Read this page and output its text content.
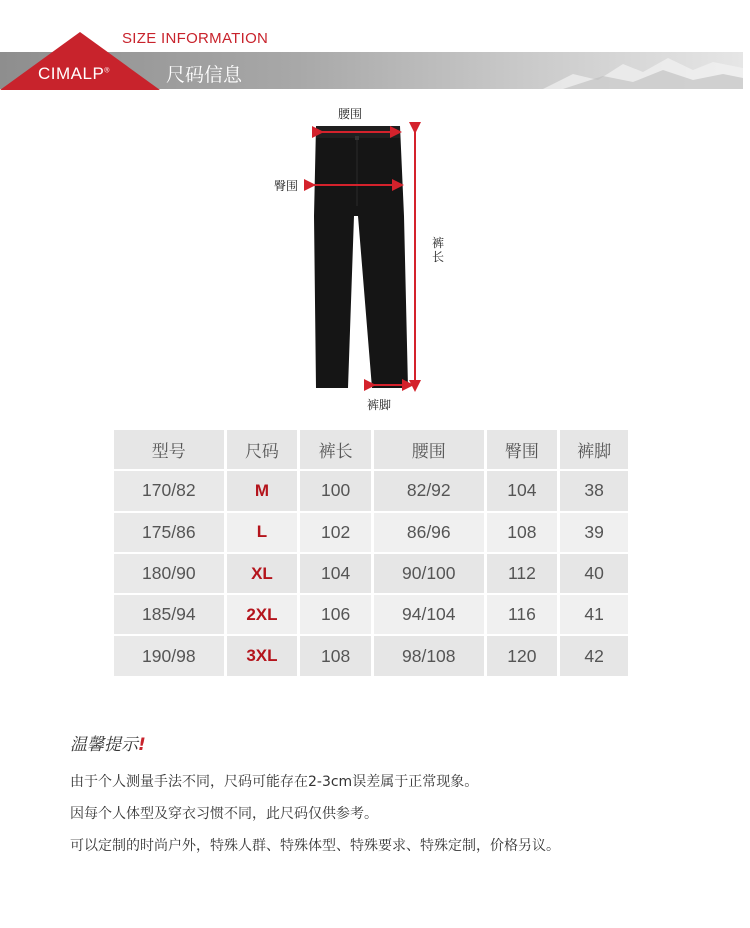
SIZE INFORMATION
CIMALP®	尺码信息
腰围
臀围
裤长
裤脚
型号	尺码	裤长	腰围	臀围	裤脚
170/82	M	100	82/92	104	38
175/86	L	102	86/96	108	39
180/90	XL	104	90/100	112	40
185/94	2XL	106	94/104	116	41
190/98	3XL	108	98/108	120	42
温馨提示!
由于个人测量手法不同，尺码可能存在2-3cm误差属于正常现象。
因每个人体型及穿衣习惯不同，此尺码仅供参考。
可以定制的时尚户外，特殊人群、特殊体型、特殊要求、特殊定制，价格另议。
